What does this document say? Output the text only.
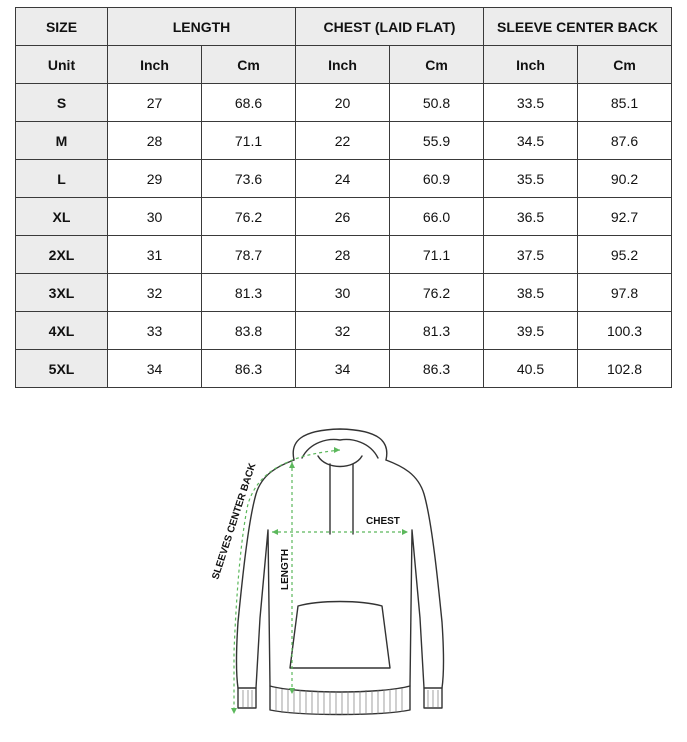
SIZE	LENGTH		CHEST (LAID FLAT)		SLEEVE CENTER BACK	
Unit	Inch	Cm	Inch	Cm	Inch	Cm
S	27	68.6	20	50.8	33.5	85.1
M	28	71.1	22	55.9	34.5	87.6
L	29	73.6	24	60.9	35.5	90.2
XL	30	76.2	26	66.0	36.5	92.7
2XL	31	78.7	28	71.1	37.5	95.2
3XL	32	81.3	30	76.2	38.5	97.8
4XL	33	83.8	32	81.3	39.5	100.3
5XL	34	86.3	34	86.3	40.5	102.8
CHEST
LENGTH
SLEEVES CENTER BACK
